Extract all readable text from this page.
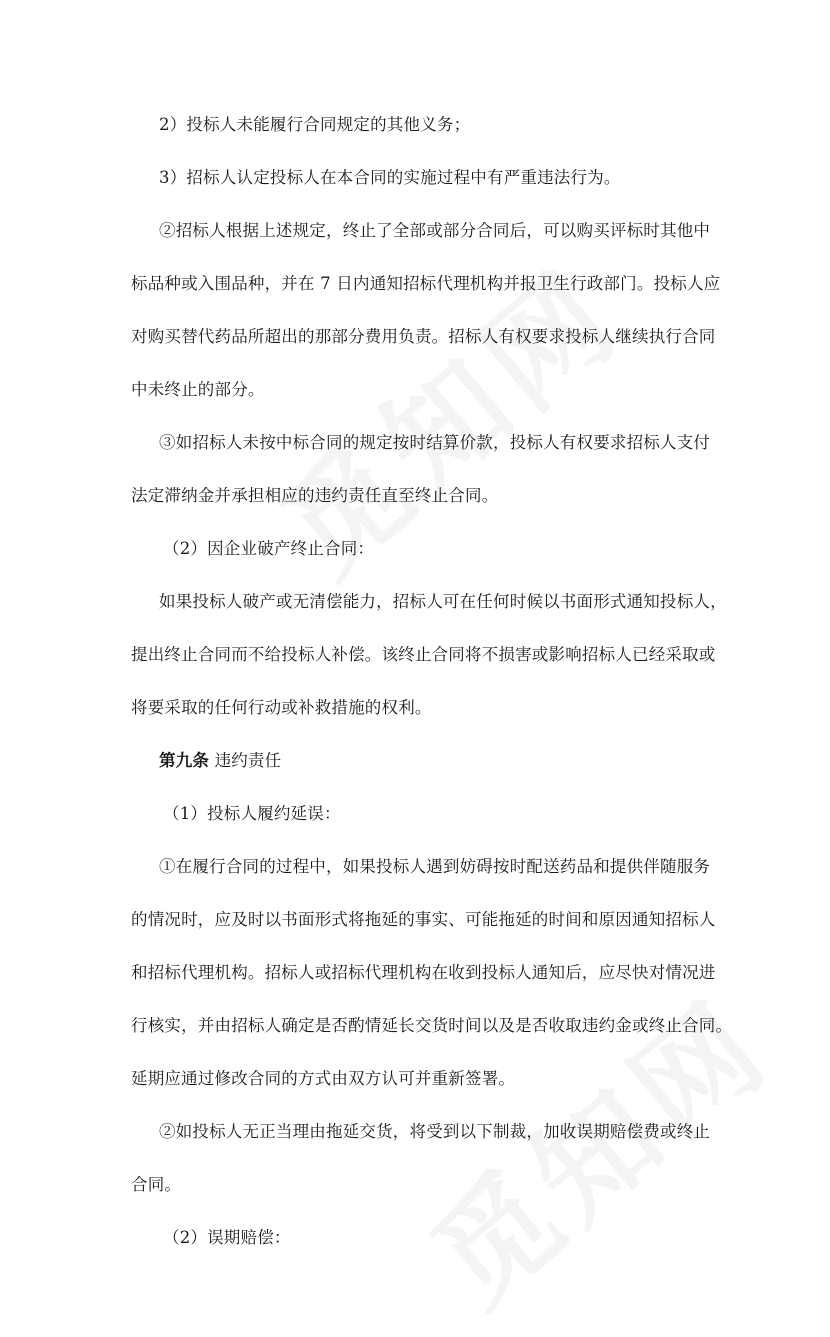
2）投标人未能履行合同规定的其他义务；
3）招标人认定投标人在本合同的实施过程中有严重违法行为。
②招标人根据上述规定，终止了全部或部分合同后，可以购买评标时其他中
标品种或入围品种，并在 7 日内通知招标代理机构并报卫生行政部门。投标人应
对购买替代药品所超出的那部分费用负责。招标人有权要求投标人继续执行合同
中未终止的部分。
③如招标人未按中标合同的规定按时结算价款，投标人有权要求招标人支付
法定滞纳金并承担相应的违约责任直至终止合同。
（2）因企业破产终止合同：
如果投标人破产或无清偿能力，招标人可在任何时候以书面形式通知投标人，
提出终止合同而不给投标人补偿。该终止合同将不损害或影响招标人已经采取或
将要采取的任何行动或补救措施的权利。
第九条 违约责任
（1）投标人履约延误：
①在履行合同的过程中，如果投标人遇到妨碍按时配送药品和提供伴随服务
的情况时，应及时以书面形式将拖延的事实、可能拖延的时间和原因通知招标人
和招标代理机构。招标人或招标代理机构在收到投标人通知后，应尽快对情况进
行核实，并由招标人确定是否酌情延长交货时间以及是否收取违约金或终止合同。
延期应通过修改合同的方式由双方认可并重新签署。
②如投标人无正当理由拖延交货，将受到以下制裁，加收误期赔偿费或终止
合同。
（2）误期赔偿：
